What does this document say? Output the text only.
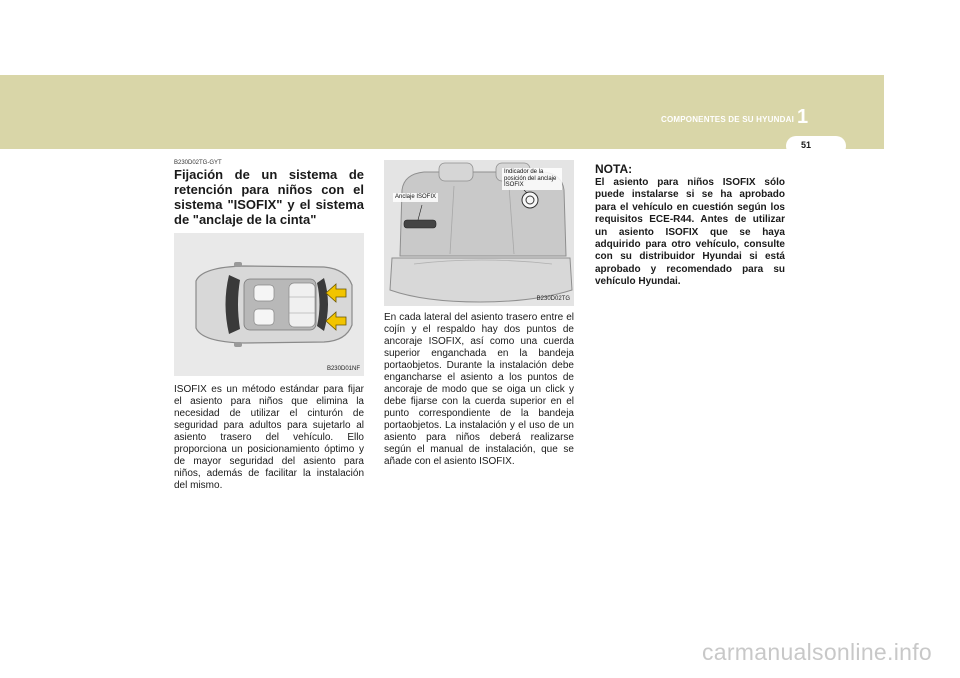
COMPONENTES DE SU HYUNDAI 1
51
B230D02TG-GYT
Fijación de un sistema de retención para niños con el sistema "ISOFIX" y el sistema de "anclaje de la cinta"
B230D01NF
ISOFIX es un método estándar para fijar el asiento para niños que elimina la necesidad de utilizar el cinturón de seguridad para adultos para sujetarlo al asiento trasero del vehículo. Ello proporciona un posicionamiento óptimo y de mayor seguridad del asiento para niños, además de facilitar la instalación del mismo.
Anclaje ISOFIX
Indicador de la posición del anclaje ISOFIX
B230D02TG
En cada lateral del asiento trasero entre el cojín y el respaldo hay dos puntos de ancoraje ISOFIX, así como una cuerda superior enganchada en la bandeja portaobjetos. Durante la instalación debe engancharse el asiento a los puntos de ancoraje de modo que se oiga un click y debe fijarse con la cuerda superior en el punto correspondiente de la bandeja portaobjetos. La instalación y el uso de un asiento para niños deberá realizarse según el manual de instalación, que se añade con el asiento ISOFIX.
NOTA:
El asiento para niños ISOFIX sólo puede instalarse si se ha aprobado para el vehículo en cuestión según los requisitos ECE-R44. Antes de utilizar un asiento ISOFIX que se haya adquirido para otro vehículo, consulte con su distribuidor Hyundai si está aprobado y recomendado para su vehículo Hyundai.
carmanualsonline.info
